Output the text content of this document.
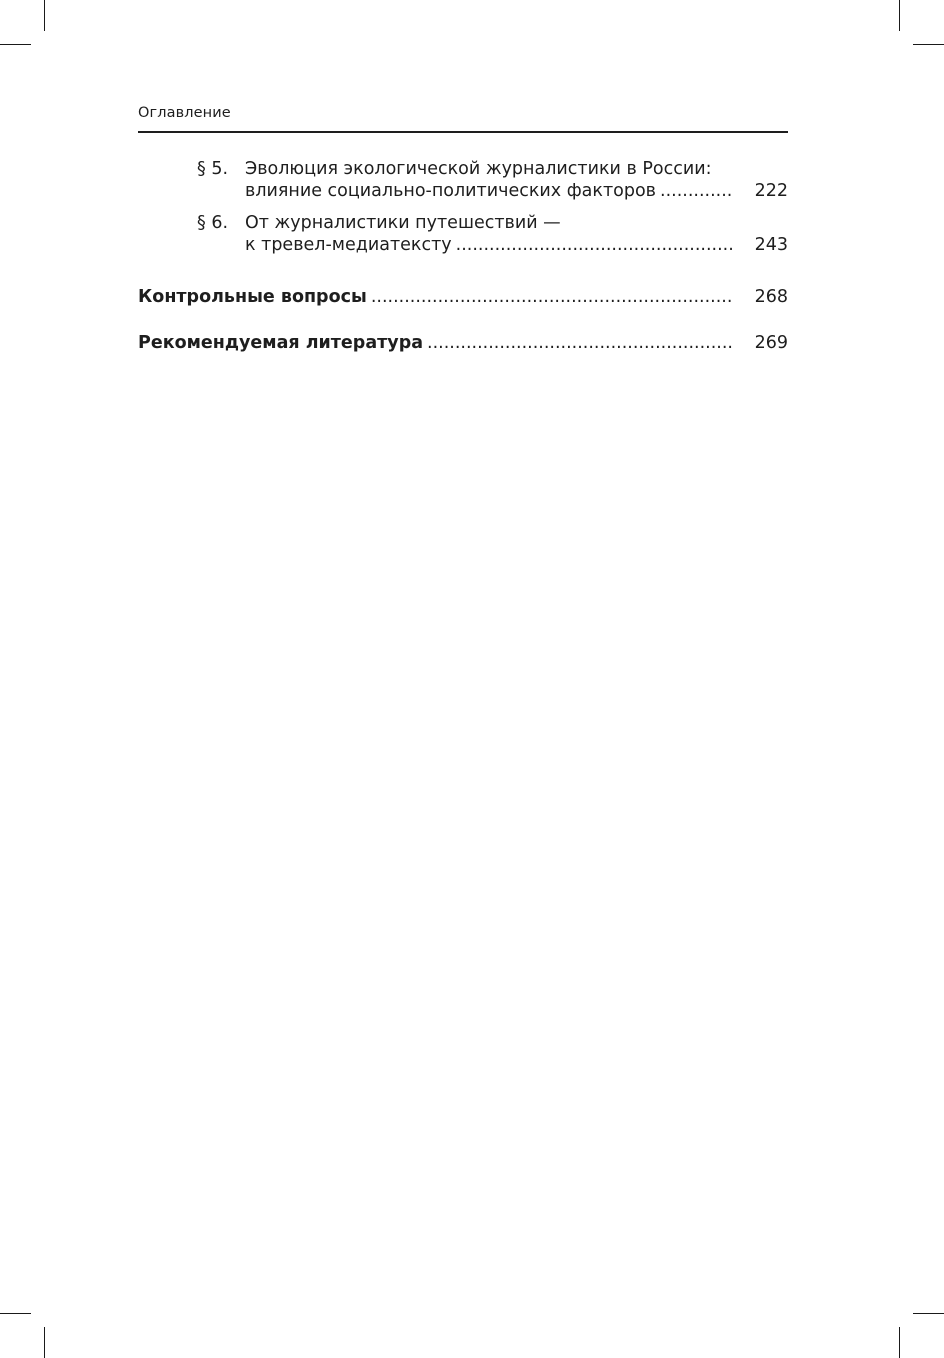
Оглавление
§ 5. Эволюция экологической журналистики в России:
влияние социально-политических факторов .....	222
§ 6. От журналистики путешествий —
к тревел-медиатексту .....	243
Контрольные вопросы .....	268
Рекомендуемая литература .....	269
